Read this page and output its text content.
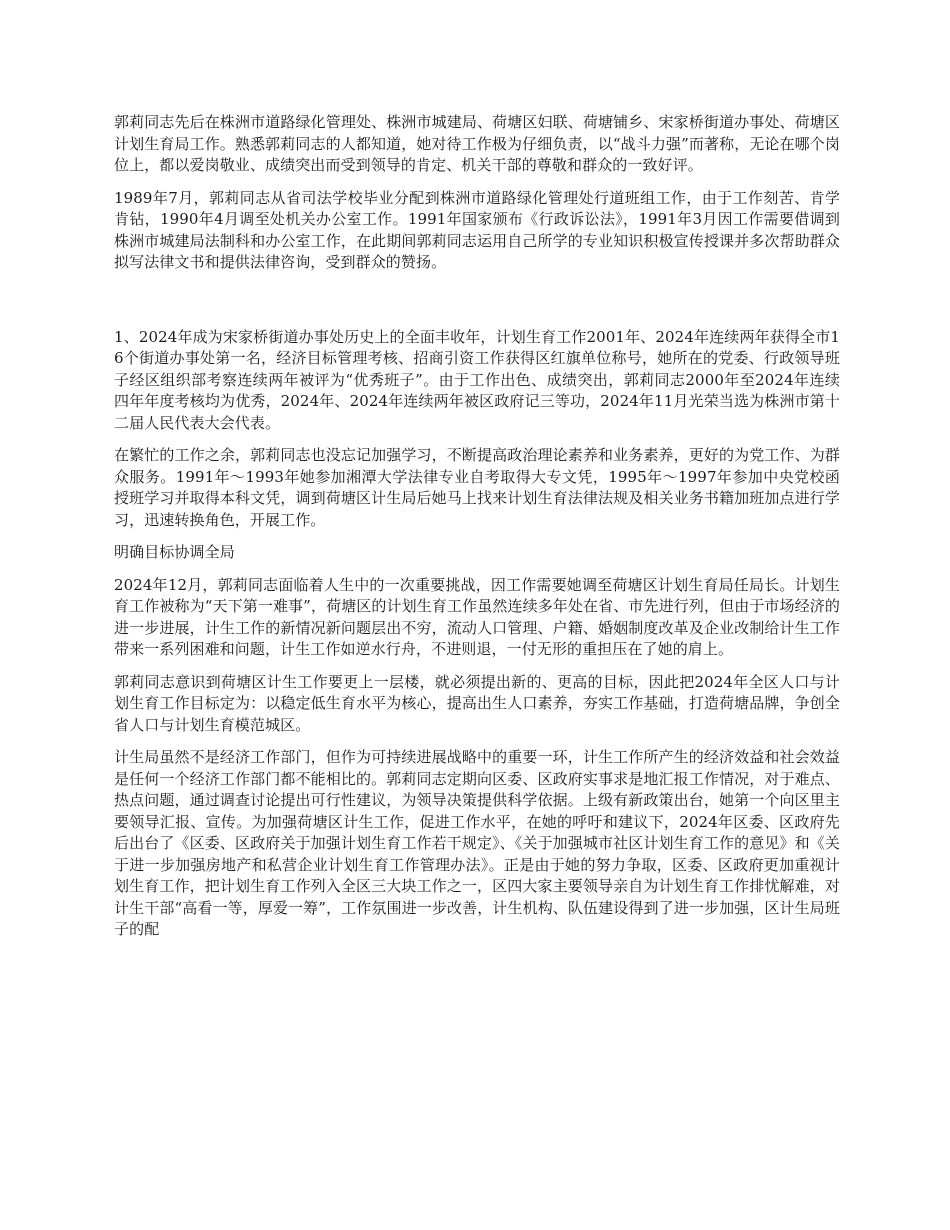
郭莉同志先后在株洲市道路绿化管理处、株洲市城建局、荷塘区妇联、荷塘铺乡、宋家桥街道办事处、荷塘区计划生育局工作。熟悉郭莉同志的人都知道，她对待工作极为仔细负责，以“战斗力强”而著称，无论在哪个岗位上，都以爱岗敬业、成绩突出而受到领导的肯定、机关干部的尊敬和群众的一致好评。

1989年7月，郭莉同志从省司法学校毕业分配到株洲市道路绿化管理处行道班组工作，由于工作刻苦、肯学肯钻，1990年4月调至处机关办公室工作。1991年国家颁布《行政诉讼法》，1991年3月因工作需要借调到株洲市城建局法制科和办公室工作，在此期间郭莉同志运用自己所学的专业知识积极宣传授课并多次帮助群众拟写法律文书和提供法律咨询，受到群众的赞扬。

1、2024年成为宋家桥街道办事处历史上的全面丰收年，计划生育工作2001年、2024年连续两年获得全市16个街道办事处第一名，经济目标管理考核、招商引资工作获得区红旗单位称号，她所在的党委、行政领导班子经区组织部考察连续两年被评为“优秀班子”。由于工作出色、成绩突出，郭莉同志2000年至2024年连续四年年度考核均为优秀，2024年、2024年连续两年被区政府记三等功，2024年11月光荣当选为株洲市第十二届人民代表大会代表。

在繁忙的工作之余，郭莉同志也没忘记加强学习，不断提高政治理论素养和业务素养，更好的为党工作、为群众服务。1991年～1993年她参加湘潭大学法律专业自考取得大专文凭，1995年～1997年参加中央党校函授班学习并取得本科文凭，调到荷塘区计生局后她马上找来计划生育法律法规及相关业务书籍加班加点进行学习，迅速转换角色，开展工作。

明确目标协调全局

2024年12月，郭莉同志面临着人生中的一次重要挑战，因工作需要她调至荷塘区计划生育局任局长。计划生育工作被称为“天下第一难事”，荷塘区的计划生育工作虽然连续多年处在省、市先进行列，但由于市场经济的进一步进展，计生工作的新情况新问题层出不穷，流动人口管理、户籍、婚姻制度改革及企业改制给计生工作带来一系列困难和问题，计生工作如逆水行舟，不进则退，一付无形的重担压在了她的肩上。

郭莉同志意识到荷塘区计生工作要更上一层楼，就必须提出新的、更高的目标，因此把2024年全区人口与计划生育工作目标定为：以稳定低生育水平为核心，提高出生人口素养，夯实工作基础，打造荷塘品牌，争创全省人口与计划生育模范城区。

计生局虽然不是经济工作部门，但作为可持续进展战略中的重要一环，计生工作所产生的经济效益和社会效益是任何一个经济工作部门都不能相比的。郭莉同志定期向区委、区政府实事求是地汇报工作情况，对于难点、热点问题，通过调查讨论提出可行性建议，为领导决策提供科学依据。上级有新政策出台，她第一个向区里主要领导汇报、宣传。为加强荷塘区计生工作，促进工作水平，在她的呼吁和建议下，2024年区委、区政府先后出台了《区委、区政府关于加强计划生育工作若干规定》、《关于加强城市社区计划生育工作的意见》和《关于进一步加强房地产和私营企业计划生育工作管理办法》。正是由于她的努力争取，区委、区政府更加重视计划生育工作，把计划生育工作列入全区三大块工作之一，区四大家主要领导亲自为计划生育工作排忧解难，对计生干部“高看一等，厚爱一筹”，工作氛围进一步改善，计生机构、队伍建设得到了进一步加强，区计生局班子的配
